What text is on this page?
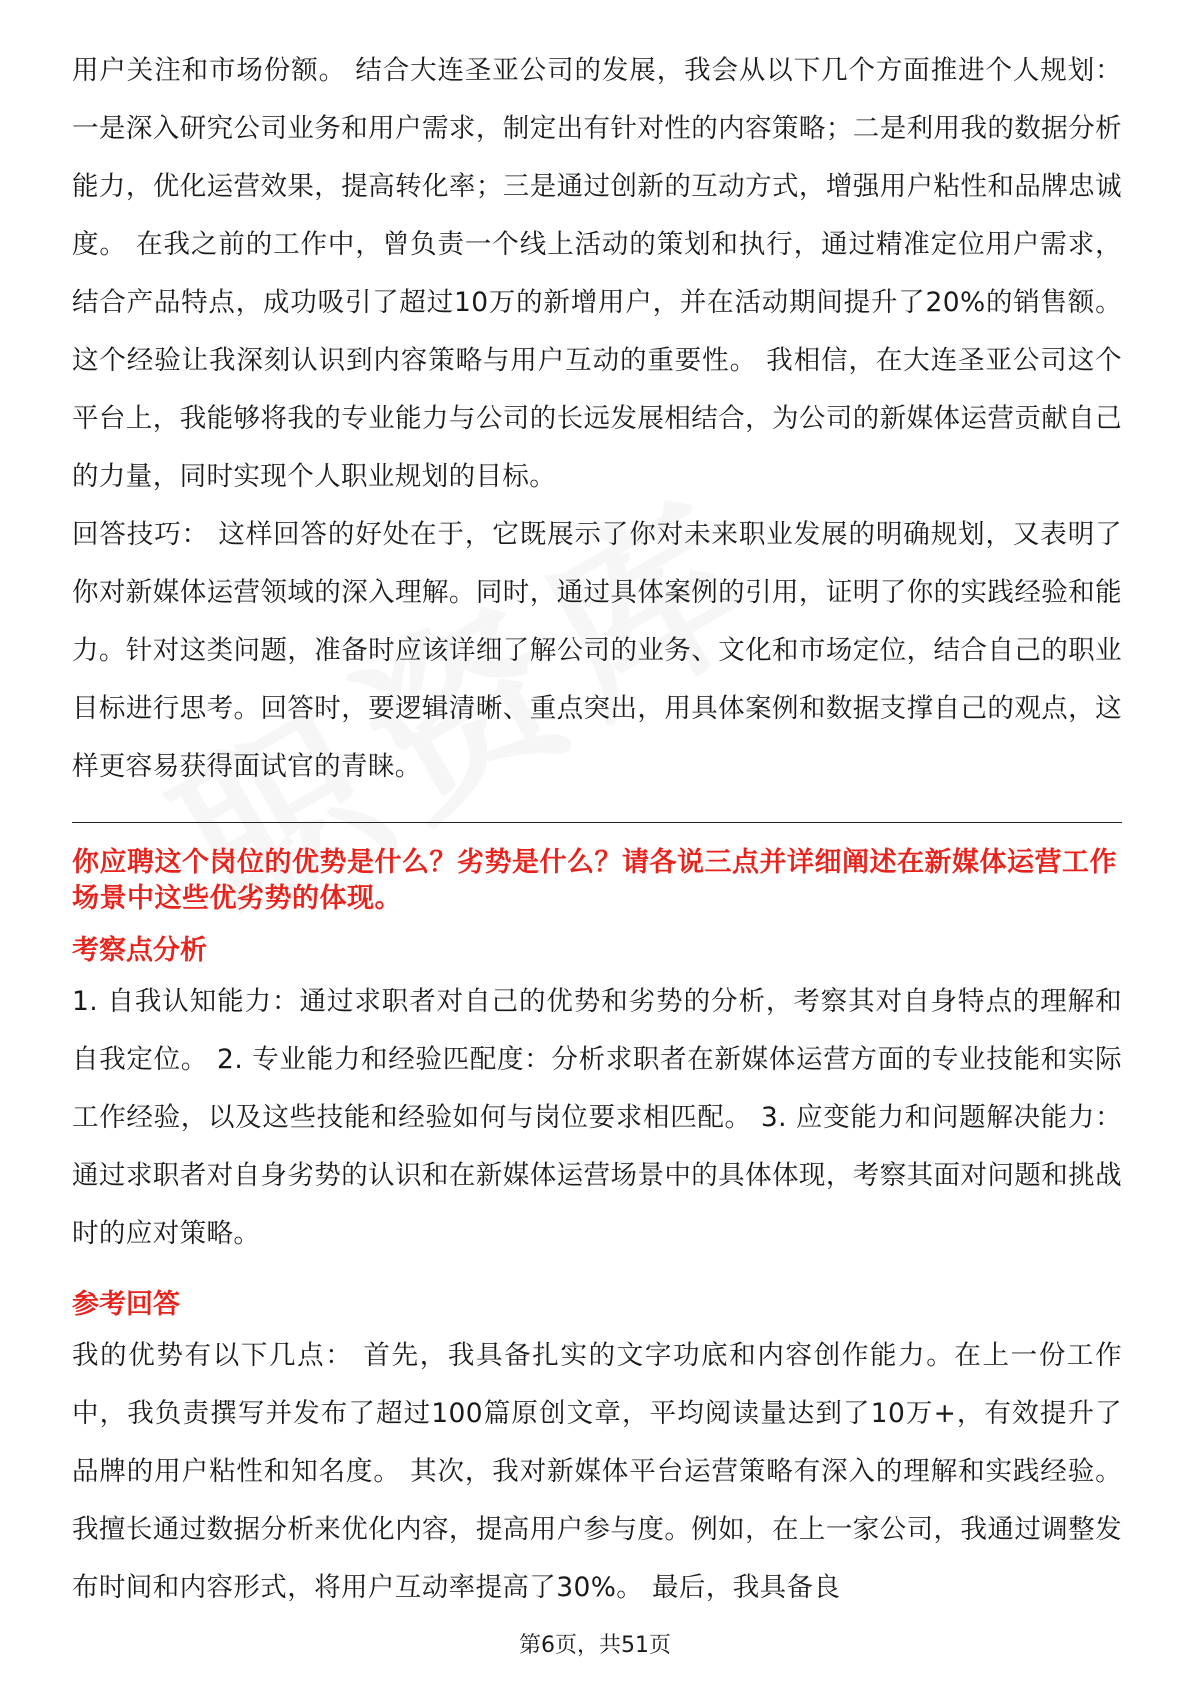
用户关注和市场份额。 结合大连圣亚公司的发展，我会从以下几个方面推进个人规划：一是深入研究公司业务和用户需求，制定出有针对性的内容策略；二是利用我的数据分析能力，优化运营效果，提高转化率；三是通过创新的互动方式，增强用户粘性和品牌忠诚度。 在我之前的工作中，曾负责一个线上活动的策划和执行，通过精准定位用户需求，结合产品特点，成功吸引了超过10万的新增用户，并在活动期间提升了20%的销售额。这个经验让我深刻认识到内容策略与用户互动的重要性。 我相信，在大连圣亚公司这个平台上，我能够将我的专业能力与公司的长远发展相结合，为公司的新媒体运营贡献自己的力量，同时实现个人职业规划的目标。

回答技巧： 这样回答的好处在于，它既展示了你对未来职业发展的明确规划，又表明了你对新媒体运营领域的深入理解。同时，通过具体案例的引用，证明了你的实践经验和能力。针对这类问题，准备时应该详细了解公司的业务、文化和市场定位，结合自己的职业目标进行思考。回答时，要逻辑清晰、重点突出，用具体案例和数据支撑自己的观点，这样更容易获得面试官的青睐。

你应聘这个岗位的优势是什么？劣势是什么？请各说三点并详细阐述在新媒体运营工作场景中这些优劣势的体现。

考察点分析

1. 自我认知能力：通过求职者对自己的优势和劣势的分析，考察其对自身特点的理解和自我定位。 2. 专业能力和经验匹配度：分析求职者在新媒体运营方面的专业技能和实际工作经验，以及这些技能和经验如何与岗位要求相匹配。 3. 应变能力和问题解决能力：通过求职者对自身劣势的认识和在新媒体运营场景中的具体体现，考察其面对问题和挑战时的应对策略。

参考回答

我的优势有以下几点： 首先，我具备扎实的文字功底和内容创作能力。在上一份工作中，我负责撰写并发布了超过100篇原创文章，平均阅读量达到了10万+，有效提升了品牌的用户粘性和知名度。 其次，我对新媒体平台运营策略有深入的理解和实践经验。我擅长通过数据分析来优化内容，提高用户参与度。例如，在上一家公司，我通过调整发布时间和内容形式，将用户互动率提高了30%。 最后，我具备良

第6页，共51页
